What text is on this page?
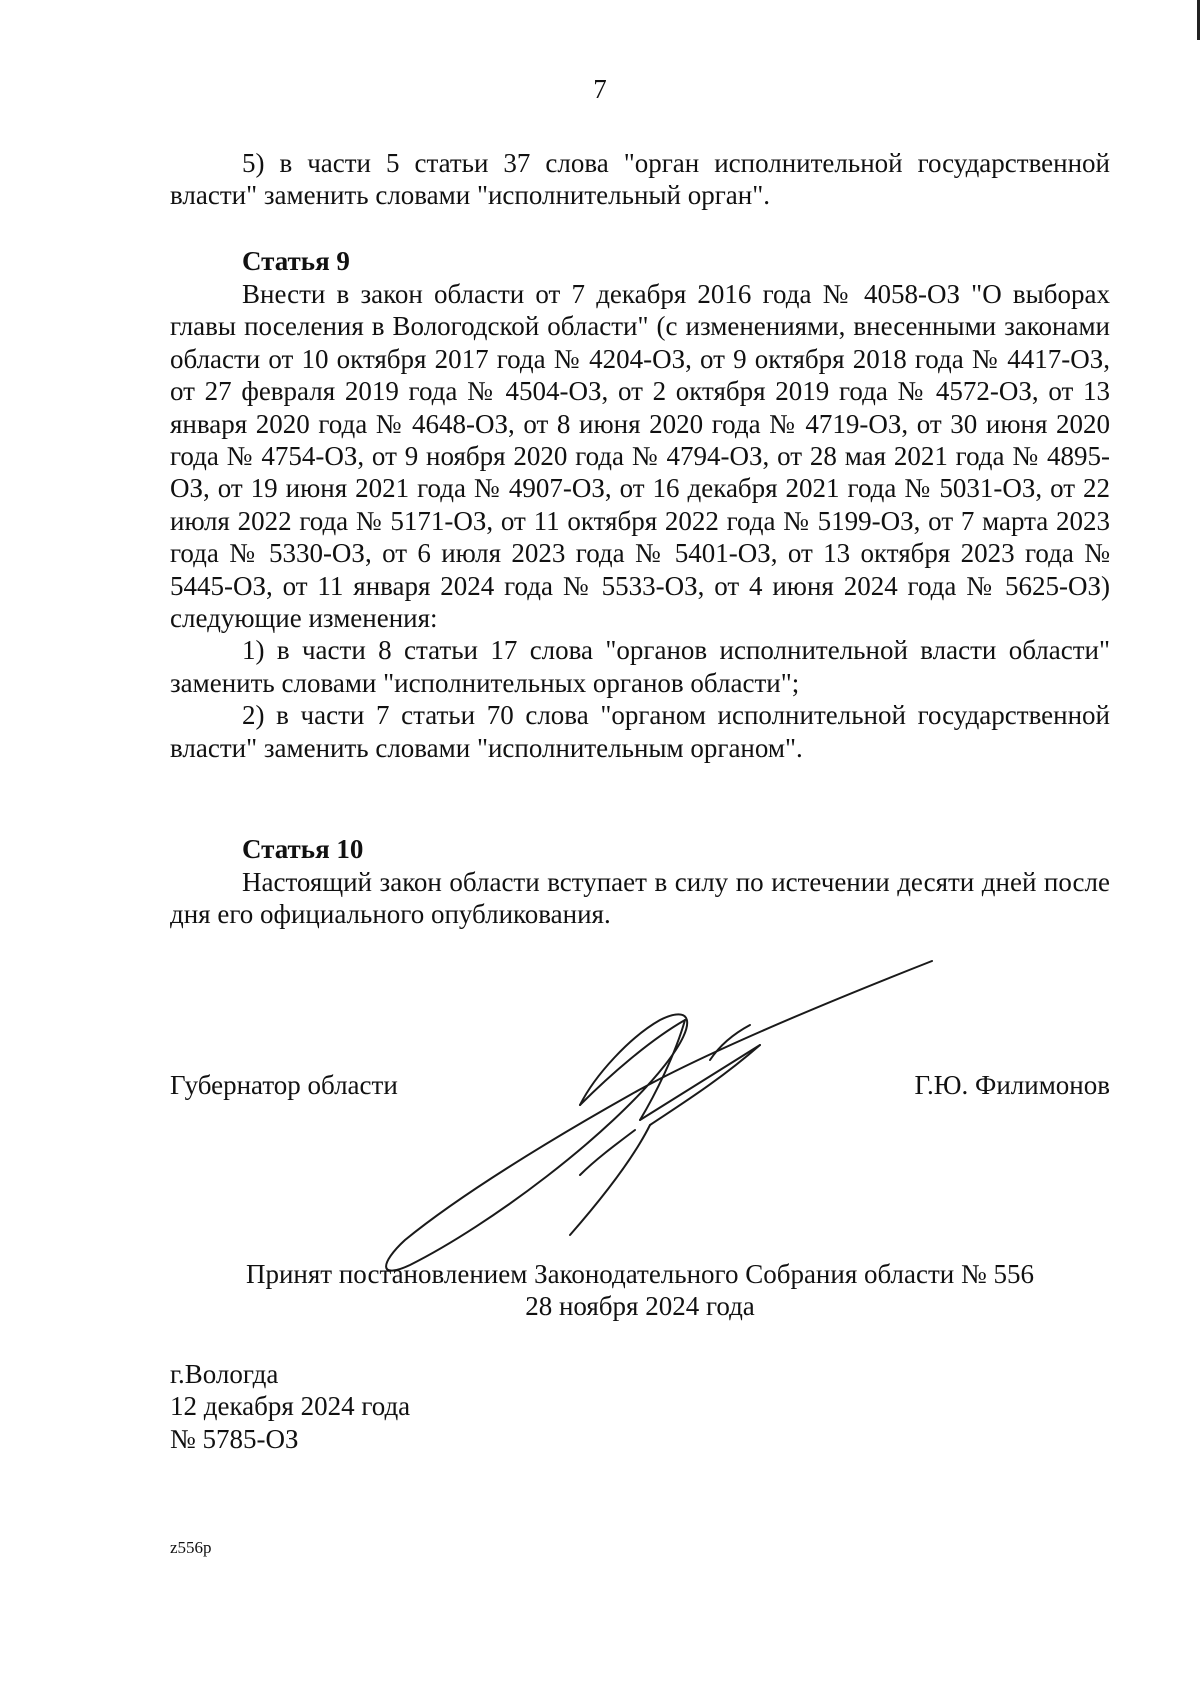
7

5) в части 5 статьи 37 слова "орган исполнительной государственной власти" заменить словами "исполнительный орган".

Статья 9

Внести в закон области от 7 декабря 2016 года № 4058-ОЗ "О выборах главы поселения в Вологодской области" (с изменениями, внесенными законами области от 10 октября 2017 года № 4204-ОЗ, от 9 октября 2018 года № 4417-ОЗ, от 27 февраля 2019 года № 4504-ОЗ, от 2 октября 2019 года № 4572-ОЗ, от 13 января 2020 года № 4648-ОЗ, от 8 июня 2020 года № 4719-ОЗ, от 30 июня 2020 года № 4754-ОЗ, от 9 ноября 2020 года № 4794-ОЗ, от 28 мая 2021 года № 4895-ОЗ, от 19 июня 2021 года № 4907-ОЗ, от 16 декабря 2021 года № 5031-ОЗ, от 22 июля 2022 года № 5171-ОЗ, от 11 октября 2022 года № 5199-ОЗ, от 7 марта 2023 года № 5330-ОЗ, от 6 июля 2023 года № 5401-ОЗ, от 13 октября 2023 года № 5445-ОЗ, от 11 января 2024 года № 5533-ОЗ, от 4 июня 2024 года № 5625-ОЗ) следующие изменения:

1) в части 8 статьи 17 слова "органов исполнительной власти области" заменить словами "исполнительных органов области";

2) в части 7 статьи 70 слова "органом исполнительной государственной власти" заменить словами "исполнительным органом".

Статья 10

Настоящий закон области вступает в силу по истечении десяти дней после дня его официального опубликования.

Губернатор области	Г.Ю. Филимонов
Принят постановлением Законодательного Собрания области № 556
28 ноября 2024 года
г.Вологда
12 декабря 2024 года
№ 5785-ОЗ
z556р
